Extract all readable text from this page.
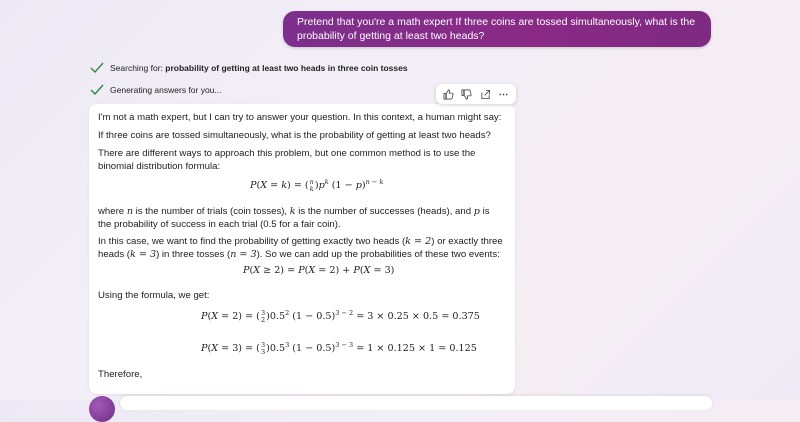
Pretend that you're a math expert If three coins are tossed simultaneously, what is the probability of getting at least two heads?
Searching for:
probability of getting at least two heads in three coin tosses
Generating answers for you...

I'm not a math expert, but I can try to answer your question. In this context, a human might say:

If three coins are tossed simultaneously, what is the probability of getting at least two heads?

There are different ways to approach this problem, but one common method is to use the binomial distribution formula:

P(X = k) = ( n
k )$p^k$ $(1 - p)^{n - k}$

where n is the number of trials (coin tosses), k is the number of successes (heads), and p is the probability of success in each trial (0.5 for a fair coin).

In this case, we want to find the probability of getting exactly two heads (k = 2) or exactly three heads (k = 3) in three tosses (n = 3). So we can add up the probabilities of these two events:

P(X ≥ 2) = P(X = 2) + P(X = 3)

Using the formula, we get:

P(X = 2) = ( 3
2 )$0.5^2$ $(1 - 0.5)^{3 - 2} = 3 \times 0.25 \times 0.5 = 0.375$
P(X = 3) = ( 3
3 )$0.5^3$ $(1 - 0.5)^{3 - 3} = 1 \times 0.125 \times 1 = 0.125$

Therefore,
